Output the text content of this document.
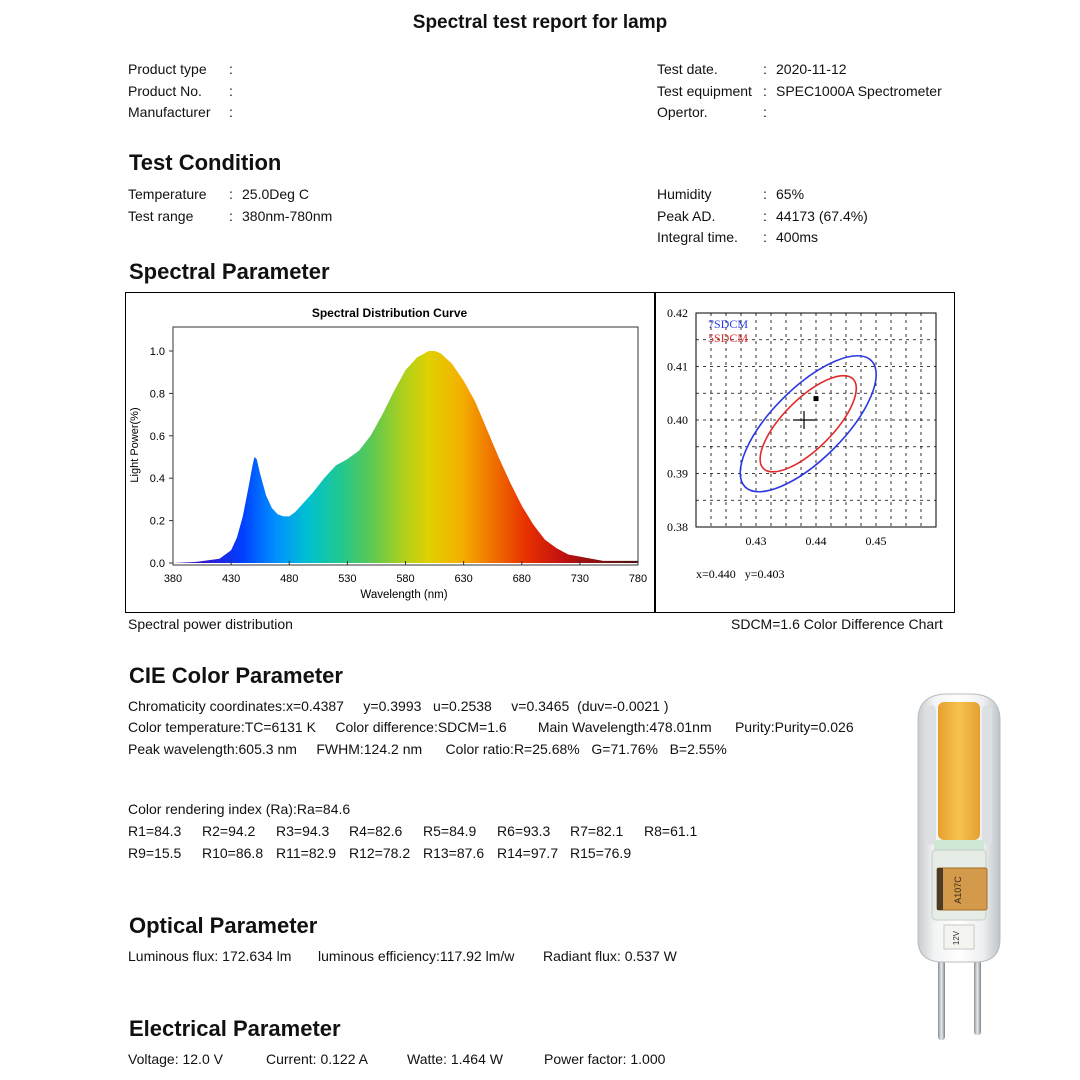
Spectral test report for lamp
Test Condition
Spectral Parameter
Spectral Distribution Curve
380	430	480	530	580	630	680	730	780
0.0
0.2
0.4
0.6
0.8
1.0
Wavelength (nm)
Light Power(%)
7SDCM
5SDCM
0.43	0.44	0.45
0.38
0.39
0.40
0.41
0.42
x=0.440   y=0.403
Spectral power distribution	SDCM=1.6 Color Difference Chart
CIE Color Parameter
Chromaticity coordinates:x=0.4387     y=0.3993   u=0.2538     v=0.3465  (duv=-0.0021 )
Color temperature:TC=6131 K     Color difference:SDCM=1.6        Main Wavelength:478.01nm      Purity:Purity=0.026
Peak wavelength:605.3 nm     FWHM:124.2 nm      Color ratio:R=25.68%   G=71.76%   B=2.55%
Color rendering index (Ra):Ra=84.6
Optical Parameter
Electrical Parameter
A107C
12V
Product type :
Product No. :
Manufacturer :
Test date.	: 2020-11-12
Test equipment : SPEC1000A Spectrometer
Opertor.	:
Temperature : 25.0Deg C
Test range	: 380nm-780nm
Humidity	: 65%
Peak AD.	: 44173 (67.4%)
Integral time. : 400ms
R1=84.3 R2=94.2 R3=94.3 R4=82.6 R5=84.9 R6=93.3 R7=82.1 R8=61.1
R9=15.5 R10=86.8 R11=82.9 R12=78.2 R13=87.6 R14=97.7 R15=76.9
Luminous flux: 172.634 lm luminous efficiency:117.92 lm/w Radiant flux: 0.537 W
Voltage: 12.0 V	Current: 0.122 A	Watte: 1.464 W	Power factor: 1.000
